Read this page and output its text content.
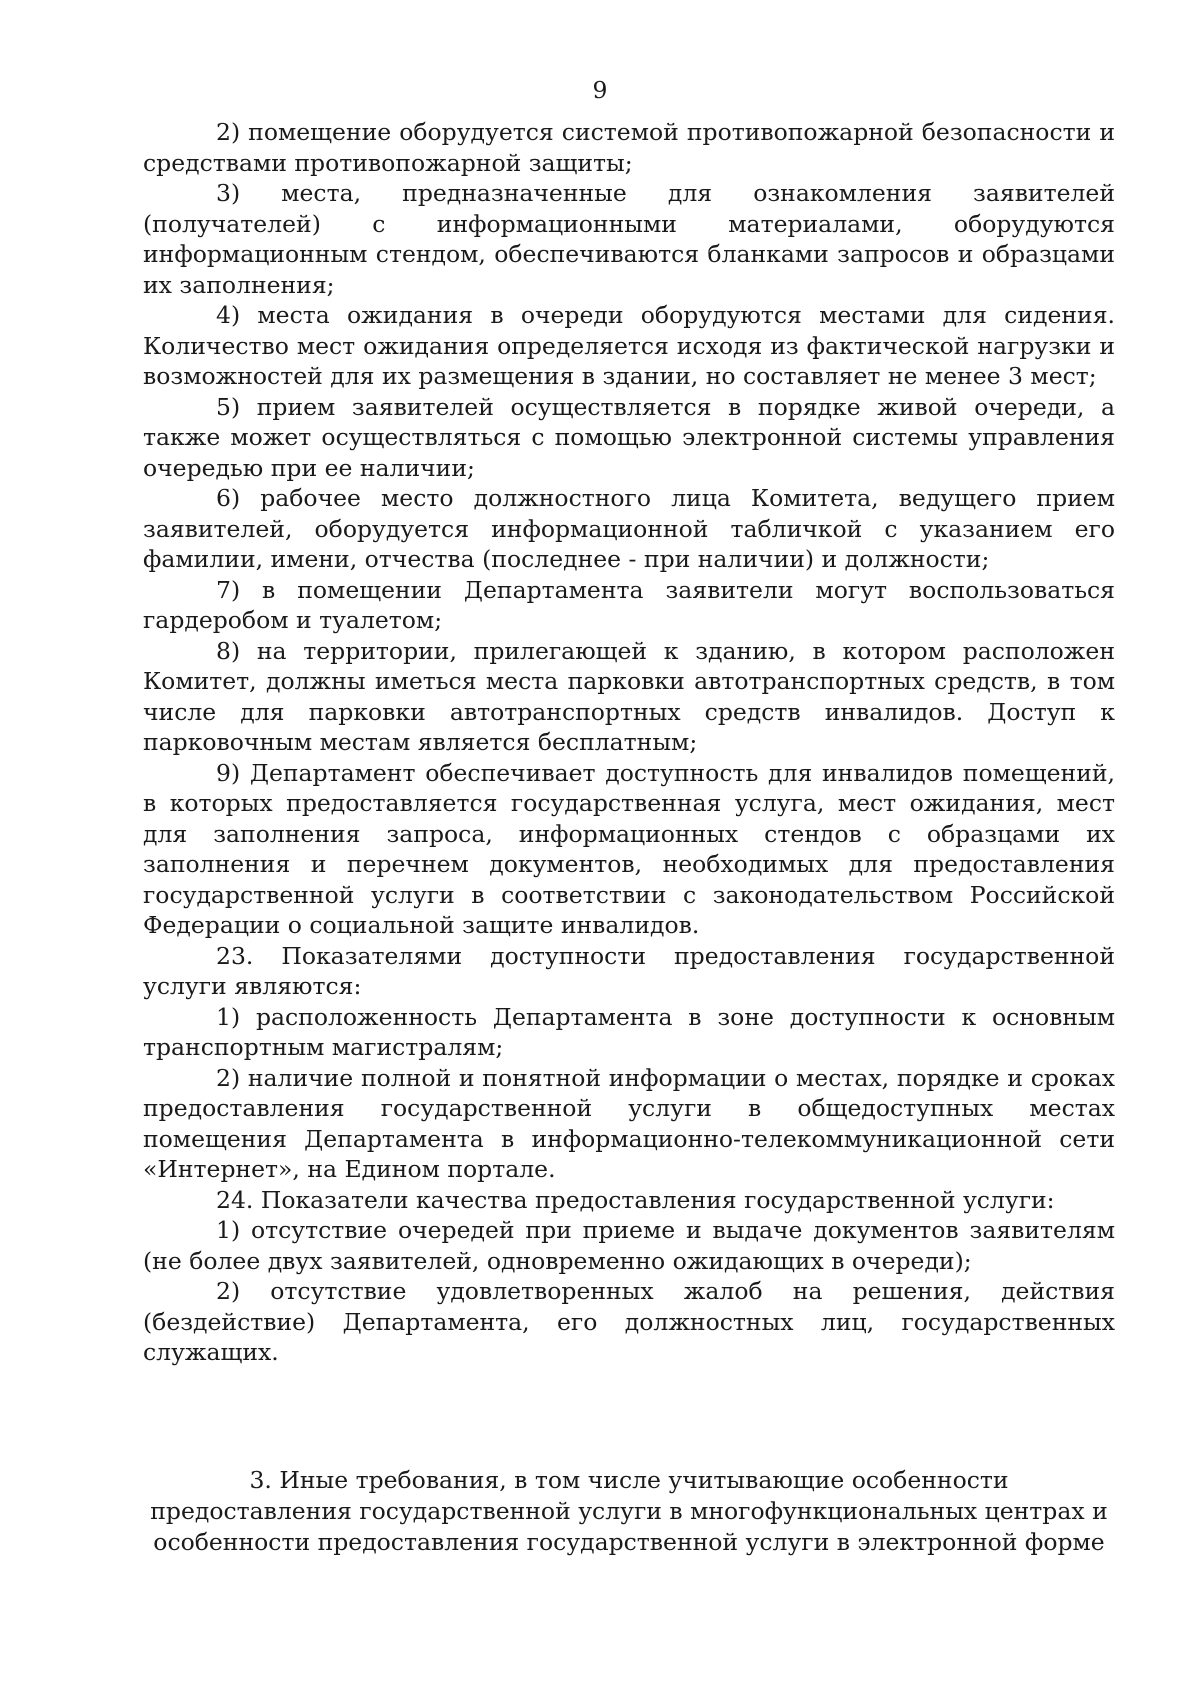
9

2) помещение оборудуется системой противопожарной безопасности и средствами противопожарной защиты;

3) места, предназначенные для ознакомления заявителей (получателей) с информационными материалами, оборудуются информационным стендом, обеспечиваются бланками запросов и образцами их заполнения;

4) места ожидания в очереди оборудуются местами для сидения. Количество мест ожидания определяется исходя из фактической нагрузки и возможностей для их размещения в здании, но составляет не менее 3 мест;

5) прием заявителей осуществляется в порядке живой очереди, а также может осуществляться с помощью электронной системы управления очередью при ее наличии;

6) рабочее место должностного лица Комитета, ведущего прием заявителей, оборудуется информационной табличкой с указанием его фамилии, имени, отчества (последнее - при наличии) и должности;

7) в помещении Департамента заявители могут воспользоваться гардеробом и туалетом;

8) на территории, прилегающей к зданию, в котором расположен Комитет, должны иметься места парковки автотранспортных средств, в том числе для парковки автотранспортных средств инвалидов. Доступ к парковочным местам является бесплатным;

9) Департамент обеспечивает доступность для инвалидов помещений, в которых предоставляется государственная услуга, мест ожидания, мест для заполнения запроса, информационных стендов с образцами их заполнения и перечнем документов, необходимых для предоставления государственной услуги в соответствии с законодательством Российской Федерации о социальной защите инвалидов.

23. Показателями доступности предоставления государственной услуги являются:

1) расположенность Департамента в зоне доступности к основным транспортным магистралям;

2) наличие полной и понятной информации о местах, порядке и сроках предоставления государственной услуги в общедоступных местах помещения Департамента в информационно-телекоммуникационной сети «Интернет», на Едином портале.

24. Показатели качества предоставления государственной услуги:

1) отсутствие очередей при приеме и выдаче документов заявителям (не более двух заявителей, одновременно ожидающих в очереди);

2) отсутствие удовлетворенных жалоб на решения, действия (бездействие) Департамента, его должностных лиц, государственных служащих.

3. Иные требования, в том числе учитывающие особенности
предоставления государственной услуги в многофункциональных центрах и
особенности предоставления государственной услуги в электронной форме
